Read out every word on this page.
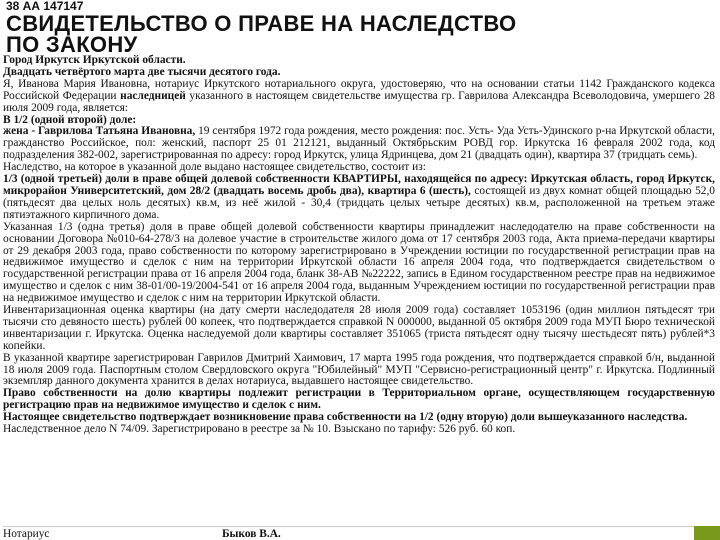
38 АА 147147
СВИДЕТЕЛЬСТВО О ПРАВЕ НА НАСЛЕДСТВО
ПО ЗАКОНУ

Город Иркутск Иркутской области.

Двадцать четвёртого марта две тысячи десятого года.

Я, Иванова Мария Ивановна, нотариус Иркутского нотариального округа, удостоверяю, что на основании статьи 1142 Гражданского кодекса Российской Федерации наследницей указанного в настоящем свидетельстве имущества гр. Гаврилова Александра Всеволодовича, умершего 28 июля 2009 года, является:

В 1/2 (одной второй) доле:

жена - Гаврилова Татьяна Ивановна, 19 сентября 1972 года рождения, место рождения: пос. Усть- Уда Усть-Удинского р-на Иркутской области, гражданство Российское, пол: женский, паспорт 25 01 212121, выданный Октябрьским РОВД гор. Иркутска 16 февраля 2002 года, код подразделения 382-002, зарегистрированная по адресу: город Иркутск, улица Ядринцева, дом 21 (двадцать один), квартира 37 (тридцать семь).

Наследство, на которое в указанной доле выдано настоящее свидетельство, состоит из:

1/3 (одной третьей) доли в праве общей долевой собственности КВАРТИРЫ, находящейся по адресу: Иркутская область, город Иркутск, микрорайон Университетский, дом 28/2 (двадцать восемь дробь два), квартира 6 (шесть), состоящей из двух комнат общей площадью 52,0 (пятьдесят два целых ноль десятых) кв.м, из неё жилой - 30,4 (тридцать целых четыре десятых) кв.м, расположенной на третьем этаже пятиэтажного кирпичного дома.

Указанная 1/3 (одна третья) доля в праве общей долевой собственности квартиры принадлежит наследодателю на праве собственности на основании Договора №010-64-278/3 на долевое участие в строительстве жилого дома от 17 сентября 2003 года, Акта приема-передачи квартиры от 29 декабря 2003 года, право собственности по которому зарегистрировано в Учреждении юстиции по государственной регистрации прав на недвижимое имущество и сделок с ним на территории Иркутской области 16 апреля 2004 года, что подтверждается свидетельством о государственной регистрации права от 16 апреля 2004 года, бланк 38-АВ №22222, запись в Едином государственном реестре прав на недвижимое имущество и сделок с ним 38-01/00-19/2004-541 от 16 апреля 2004 года, выданным Учреждением юстиции по государственной регистрации прав на недвижимое имущество и сделок с ним на территории Иркутской области.

Инвентаризационная оценка квартиры (на дату смерти наследодателя 28 июля 2009 года) составляет 1053196 (один миллион пятьдесят три тысячи сто девяносто шесть) рублей 00 копеек, что подтверждается справкой N 000000, выданной 05 октября 2009 года МУП Бюро технической инвентаризации г. Иркутска. Оценка наследуемой доли квартиры составляет 351065 (триста пятьдесят одну тысячу шестьдесят пять) рублей*3 копейки.

В указанной квартире зарегистрирован Гаврилов Дмитрий Хаимович, 17 марта 1995 года рождения, что подтверждается справкой б/н, выданной 18 июля 2009 года. Паспортным столом Свердловского округа "Юбилейный" МУП "Сервисно-регистрационный центр" г. Иркутска. Подлинный экземпляр данного документа хранится в делах нотариуса, выдавшего настоящее свидетельство.

Право собственности на долю квартиры подлежит регистрации в Территориальном органе, осуществляющем государственную регистрацию прав на недвижимое имущество и сделок с ним.

Настоящее свидетельство подтверждает возникновение права собственности на 1/2 (одну вторую) доли вышеуказанного наследства.

Наследственное дело N 74/09. Зарегистрировано в реестре за № 10. Взыскано по тарифу: 526 руб. 60 коп.

Нотариус	Быков В.А.
